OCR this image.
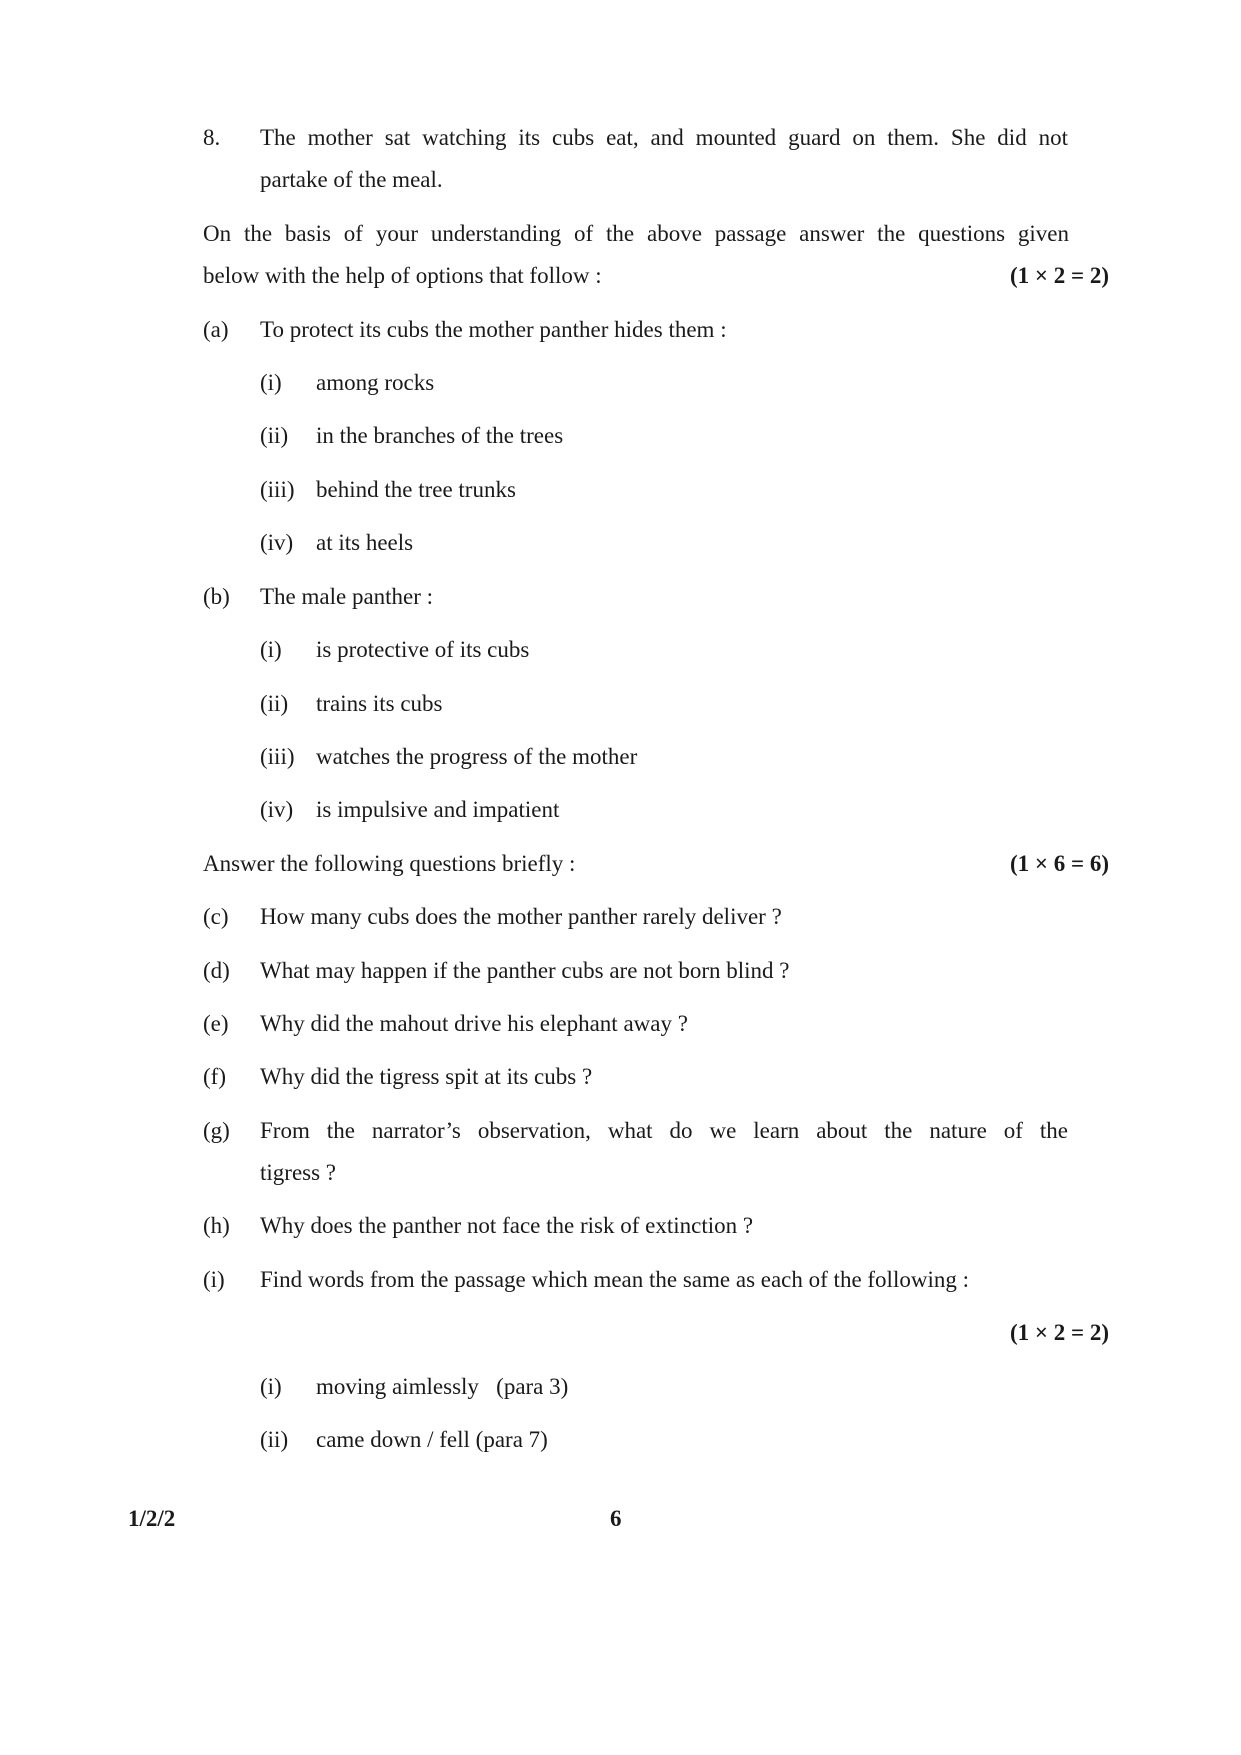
8. The mother sat watching its cubs eat, and mounted guard on them. She did not
partake of the meal.
On the basis of your understanding of the above passage answer the questions given
below with the help of options that follow :	(1 × 2 = 2)
(a) To protect its cubs the mother panther hides them :
(i) among rocks
(ii) in the branches of the trees
(iii) behind the tree trunks
(iv) at its heels
(b) The male panther :
(i) is protective of its cubs
(ii) trains its cubs
(iii) watches the progress of the mother
(iv) is impulsive and impatient
Answer the following questions briefly :	(1 × 6 = 6)
(c) How many cubs does the mother panther rarely deliver ?
(d) What may happen if the panther cubs are not born blind ?
(e) Why did the mahout drive his elephant away ?
(f) Why did the tigress spit at its cubs ?
(g) From the narrator’s observation, what do we learn about the nature of the
tigress ?
(h) Why does the panther not face the risk of extinction ?
(i) Find words from the passage which mean the same as each of the following :
(1 × 2 = 2)
(i) moving aimlessly   (para 3)
(ii) came down / fell (para 7)
1/2/2	6
